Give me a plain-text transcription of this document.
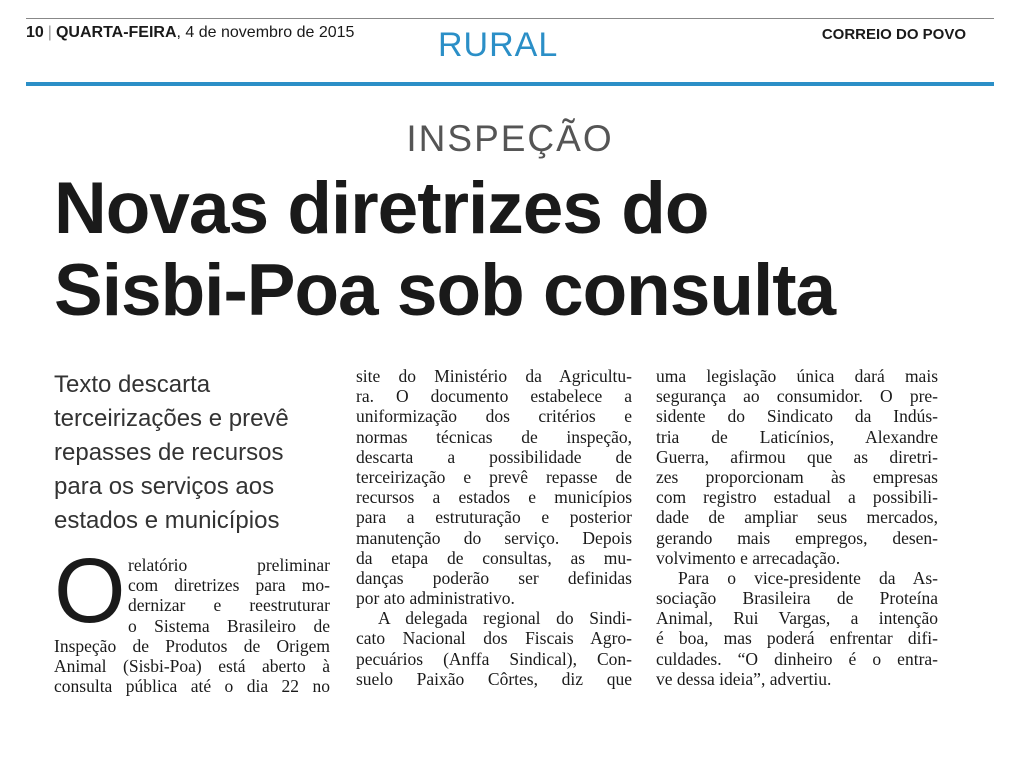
10 | QUARTA-FEIRA, 4 de novembro de 2015 RURAL	CORREIO DO POVO
INSPEÇÃO
Novas diretrizes do
Sisbi-Poa sob consulta
Texto descarta
terceirizações e prevê
repasses de recursos
para os serviços aos
estados e municípios
O relatório preliminar
com diretrizes para mo-
dernizar e reestruturar
o Sistema Brasileiro de
Inspeção de Produtos de Origem
Animal (Sisbi-Poa) está aberto à
consulta pública até o dia 22 no
site do Ministério da Agricultu-
ra. O documento estabelece a
uniformização dos critérios e
normas técnicas de inspeção,
descarta a possibilidade de
terceirização e prevê repasse de
recursos a estados e municípios
para a estruturação e posterior
manutenção do serviço. Depois
da etapa de consultas, as mu-
danças poderão ser definidas
por ato administrativo.
A delegada regional do Sindi-
cato Nacional dos Fiscais Agro-
pecuários (Anffa Sindical), Con-
suelo Paixão Côrtes, diz que
uma legislação única dará mais
segurança ao consumidor. O pre-
sidente do Sindicato da Indús-
tria de Laticínios, Alexandre
Guerra, afirmou que as diretri-
zes proporcionam às empresas
com registro estadual a possibili-
dade de ampliar seus mercados,
gerando mais empregos, desen-
volvimento e arrecadação.
Para o vice-presidente da As-
sociação Brasileira de Proteína
Animal, Rui Vargas, a intenção
é boa, mas poderá enfrentar difi-
culdades. “O dinheiro é o entra-
ve dessa ideia”, advertiu.
